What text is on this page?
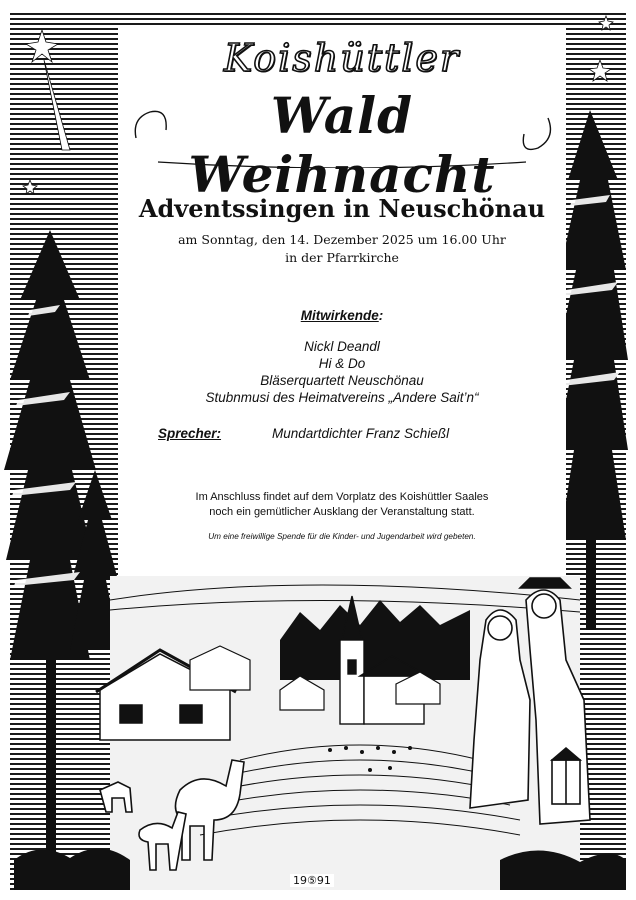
19⑤91
Koishüttler
Wald Weihnacht
Adventssingen in Neuschönau
am Sonntag, den 14. Dezember 2025 um 16.00 Uhr
in der Pfarrkirche
Mitwirkende:
Nickl Deandl
Hi & Do
Bläserquartett Neuschönau
Stubnmusi des Heimatvereins „Andere Sait’n“
Sprecher:	Mundartdichter Franz Schießl
Im Anschluss findet auf dem Vorplatz des Koishüttler Saales
noch ein gemütlicher Ausklang der Veranstaltung statt.
Um eine freiwillige Spende für die Kinder- und Jugendarbeit wird gebeten.
